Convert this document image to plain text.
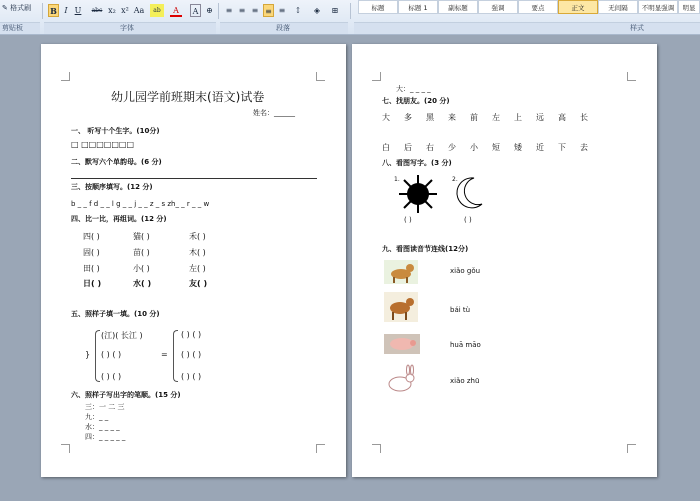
✎ 格式刷
剪贴板
B I U abc x₂ x² Aa	ab	A	A ⊕
字体
≡ ≡ ≡ ≡ ≡	↕	◈	⊞
段落
标题	标题 1	副标题	强调	要点	正文	无间隔	不明显强调	明显
样式
幼儿园学前班期末(语文)试卷
姓名：______
一、 听写十个生字。(10分)
□ □□□□□□□
二、默写六个单韵母。(6 分)
三、按顺序填写。(12 分)
b _ _ f d _ _ l g _ _ j _ _ z _ s zh_ _ r _ _ w
四、比一比，再组词。(12 分)
四( )	猫( )	禾( )
固( )	苗( )	木( )
田( )	小( )	左( )
日( )	水( )	友( )
五、照样子填一填。(10 分)
}
(江)( 长江 )
( ) ( )
( ) ( )
=
( ) ( )
( ) ( )
( ) ( )
六、照样子写出字的笔顺。(15 分)
三：一 二 三
九：_ _
水：_ _ _ _
四：_ _ _ _ _
大：_ _ _ _
七、找朋友。(20 分)
大 多 黑 来 前 左 上 远 高 长
白 后 右 少 小 短 矮 近 下 去
八、看图写字。(3 分)
1.	2.
( )	( )
九、看图读音节连线(12分)
xiǎo gǒu
bái tù
huā māo
xiǎo zhū
